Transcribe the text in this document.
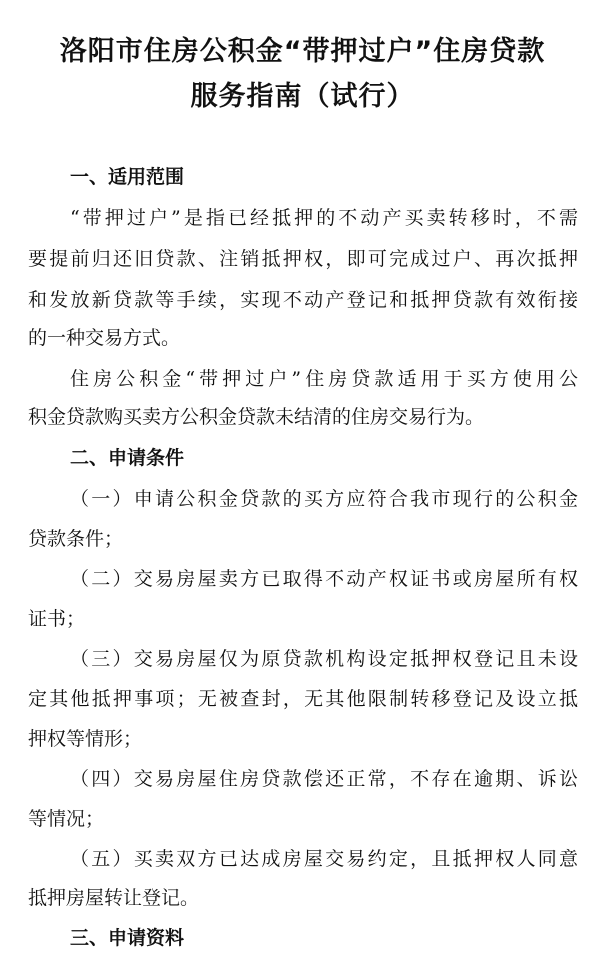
洛阳市住房公积金“带押过户”住房贷款
服务指南（试行）
一、适用范围
“带押过户”是指已经抵押的不动产买卖转移时，不需
要提前归还旧贷款、注销抵押权，即可完成过户、再次抵押
和发放新贷款等手续，实现不动产登记和抵押贷款有效衔接
的一种交易方式。
住房公积金“带押过户”住房贷款适用于买方使用公
积金贷款购买卖方公积金贷款未结清的住房交易行为。
二、申请条件
（一）申请公积金贷款的买方应符合我市现行的公积金
贷款条件；
（二）交易房屋卖方已取得不动产权证书或房屋所有权
证书；
（三）交易房屋仅为原贷款机构设定抵押权登记且未设
定其他抵押事项；无被查封，无其他限制转移登记及设立抵
押权等情形；
（四）交易房屋住房贷款偿还正常，不存在逾期、诉讼
等情况；
（五）买卖双方已达成房屋交易约定，且抵押权人同意
抵押房屋转让登记。
三、申请资料
